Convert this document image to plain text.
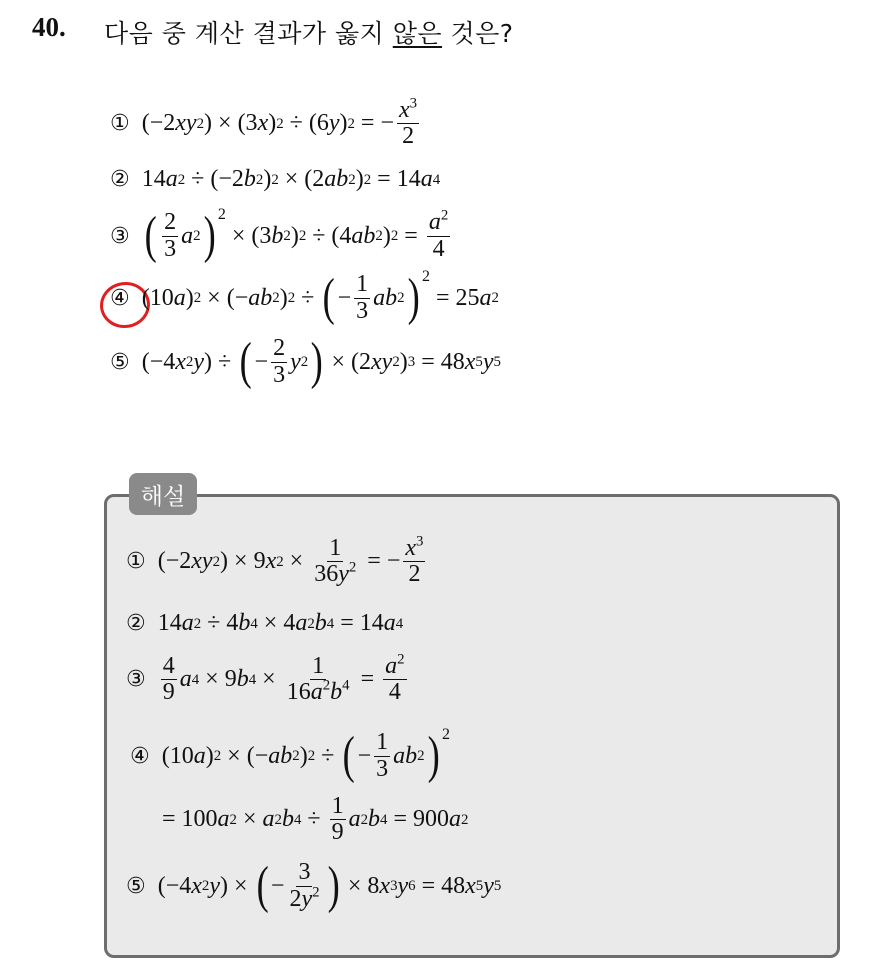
40. 다음 중 계산 결과가 옳지 않은 것은?
① (−2 xy 2 ) × (3 x ) 2 ÷ (6 y ) 2 = − $\frac{x^3}{2}$
② 14 a 2 ÷ (−2 b 2 ) 2 × (2 ab 2 ) 2 = 14 a 4
③ ( $\frac{2}{3}$ a 2 ) 2
× (3 b 2 ) 2 ÷ (4 ab 2 ) $2 = \frac{a^2}{4}$
④ (10 a ) 2 × (− ab 2 ) 2 ÷ ( − $\frac{1}{3}$ ab 2 ) 2
= 25 a 2
⑤ (−4 x 2 y ) ÷ ( − $\frac{2}{3}$ y 2 ) × (2 xy 2 ) 3 = 48 x 5 y 5
해설
① (−2 xy 2 ) × 9 x $2 \times \frac{1}{36y^2}$ = − $\frac{x^3}{2}$
② 14 a 2 ÷ 4 b 4 × 4 a 2 b 4 = 14 a 4
③ $\frac{4}{9}$ a 4 × 9 b $4 \times \frac{1}{16a^2b^4} = \frac{a^2}{4}$
④ (10 a ) 2 × (− ab 2 ) 2 ÷ ( − $\frac{1}{3}$ ab 2 ) 2
= 100 a 2 × a 2 b $4 \div \frac{1}{9}$ a 2 b 4 = 900 a 2
⑤ (−4 x 2 y ) × ( − $\frac{3}{2y^2}$ ) × 8 x 3 y 6 = 48 x 5 y 5
